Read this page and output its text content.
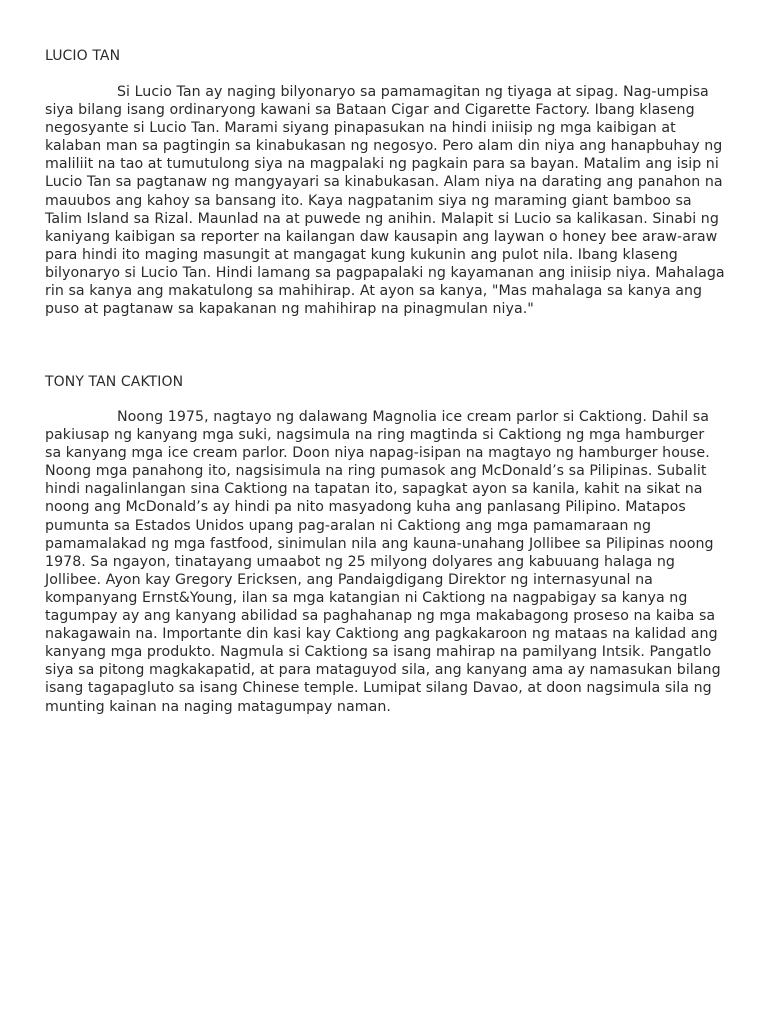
LUCIO TAN

Si Lucio Tan ay naging bilyonaryo sa pamamagitan ng tiyaga at sipag. Nag-umpisa siya bilang isang ordinaryong kawani sa Bataan Cigar and Cigarette Factory. Ibang klaseng negosyante si Lucio Tan. Marami siyang pinapasukan na hindi iniisip ng mga kaibigan at kalaban man sa pagtingin sa kinabukasan ng negosyo. Pero alam din niya ang hanapbuhay ng maliliit na tao at tumutulong siya na magpalaki ng pagkain para sa bayan. Matalim ang isip ni Lucio Tan sa pagtanaw ng mangyayari sa kinabukasan. Alam niya na darating ang panahon na mauubos ang kahoy sa bansang ito. Kaya nagpatanim siya ng maraming giant bamboo sa Talim Island sa Rizal. Maunlad na at puwede ng anihin. Malapit si Lucio sa kalikasan. Sinabi ng kaniyang kaibigan sa reporter na kailangan daw kausapin ang laywan o honey bee araw-araw para hindi ito maging masungit at mangagat kung kukunin ang pulot nila. Ibang klaseng bilyonaryo si Lucio Tan. Hindi lamang sa pagpapalaki ng kayamanan ang iniisip niya. Mahalaga rin sa kanya ang makatulong sa mahihirap. At ayon sa kanya, "Mas mahalaga sa kanya ang puso at pagtanaw sa kapakanan ng mahihirap na pinagmulan niya."

TONY TAN CAKTION

Noong 1975, nagtayo ng dalawang Magnolia ice cream parlor si Caktiong. Dahil sa pakiusap ng kanyang mga suki, nagsimula na ring magtinda si Caktiong ng mga hamburger sa kanyang mga ice cream parlor. Doon niya napag-isipan na magtayo ng hamburger house. Noong mga panahong ito, nagsisimula na ring pumasok ang McDonald’s sa Pilipinas. Subalit hindi nagalinlangan sina Caktiong na tapatan ito, sapagkat ayon sa kanila, kahit na sikat na noong ang McDonald’s ay hindi pa nito masyadong kuha ang panlasang Pilipino. Matapos pumunta sa Estados Unidos upang pag-aralan ni Caktiong ang mga pamamaraan ng pamamalakad ng mga fastfood, sinimulan nila ang kauna-unahang Jollibee sa Pilipinas noong 1978. Sa ngayon, tinatayang umaabot ng 25 milyong dolyares ang kabuuang halaga ng Jollibee. Ayon kay Gregory Ericksen, ang Pandaigdigang Direktor ng internasyunal na kompanyang Ernst&Young, ilan sa mga katangian ni Caktiong na nagpabigay sa kanya ng tagumpay ay ang kanyang abilidad sa paghahanap ng mga makabagong proseso na kaiba sa nakagawain na. Importante din kasi kay Caktiong ang pagkakaroon ng mataas na kalidad ang kanyang mga produkto. Nagmula si Caktiong sa isang mahirap na pamilyang Intsik. Pangatlo siya sa pitong magkakapatid, at para mataguyod sila, ang kanyang ama ay namasukan bilang isang tagapagluto sa isang Chinese temple. Lumipat silang Davao, at doon nagsimula sila ng munting kainan na naging matagumpay naman.
